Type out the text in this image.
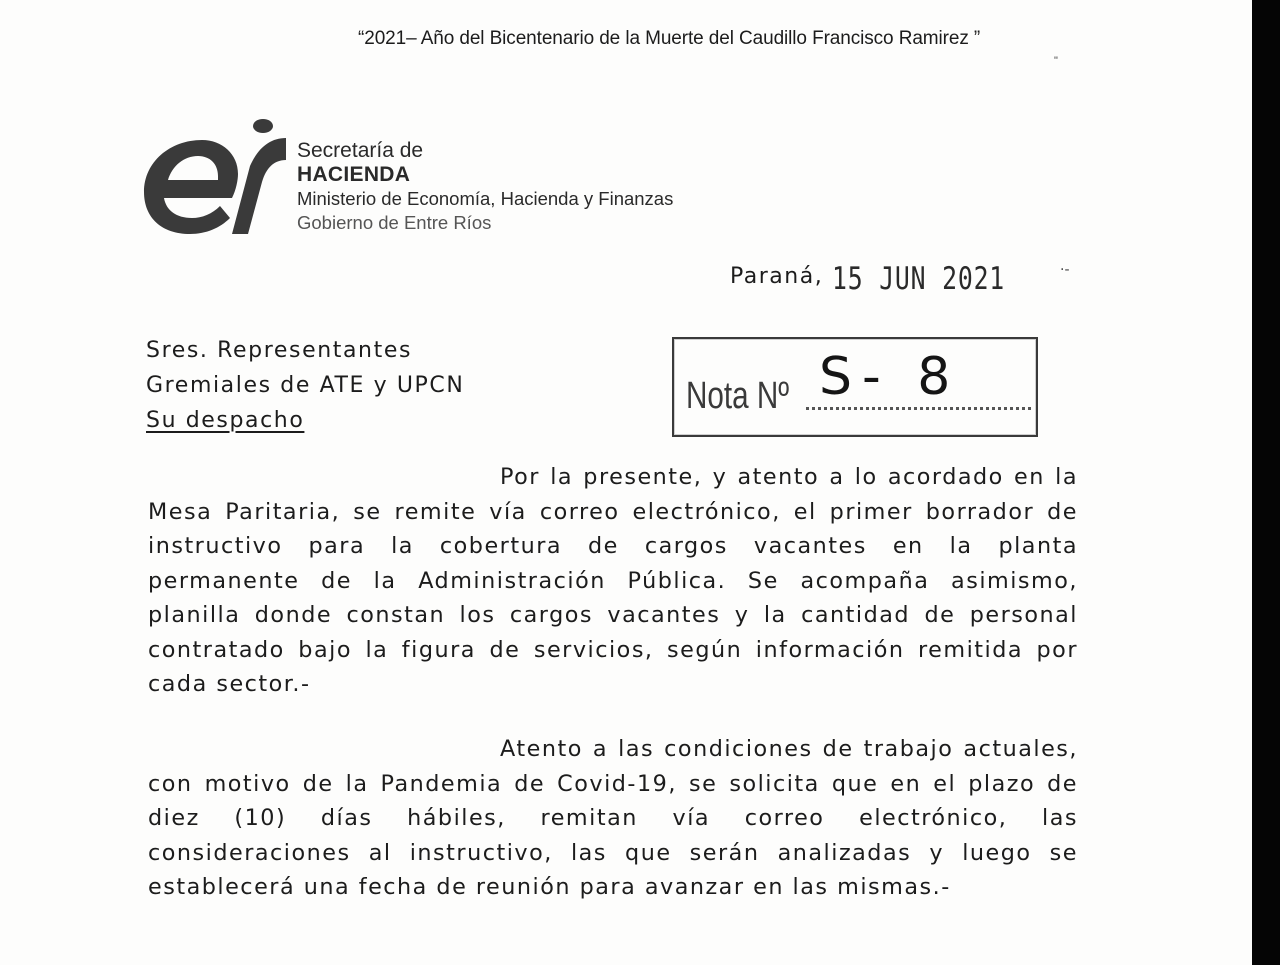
“2021– Año del Bicentenario de la Muerte del Caudillo Francisco Ramirez ”
"
Secretaría de
HACIENDA
Ministerio de Economía, Hacienda y Finanzas
Gobierno de Entre Ríos
Paraná, 15 JUN 2021	·-
Sres. Representantes
Gremiales de ATE y UPCN
Su despacho
Nota Nº S- 8
Por la presente, y atento a lo acordado en la Mesa Paritaria, se remite vía correo electrónico, el primer borrador de instructivo para la cobertura de cargos vacantes en la planta permanente de la Administración Pública. Se acompaña asimismo, planilla donde constan los cargos vacantes y la cantidad de personal contratado bajo la figura de servicios, según información remitida por cada sector.-
Atento a las condiciones de trabajo actuales, con motivo de la Pandemia de Covid-19, se solicita que en el plazo de diez (10) días hábiles, remitan vía correo electrónico, las consideraciones al instructivo, las que serán analizadas y luego se establecerá una fecha de reunión para avanzar en las mismas.-
